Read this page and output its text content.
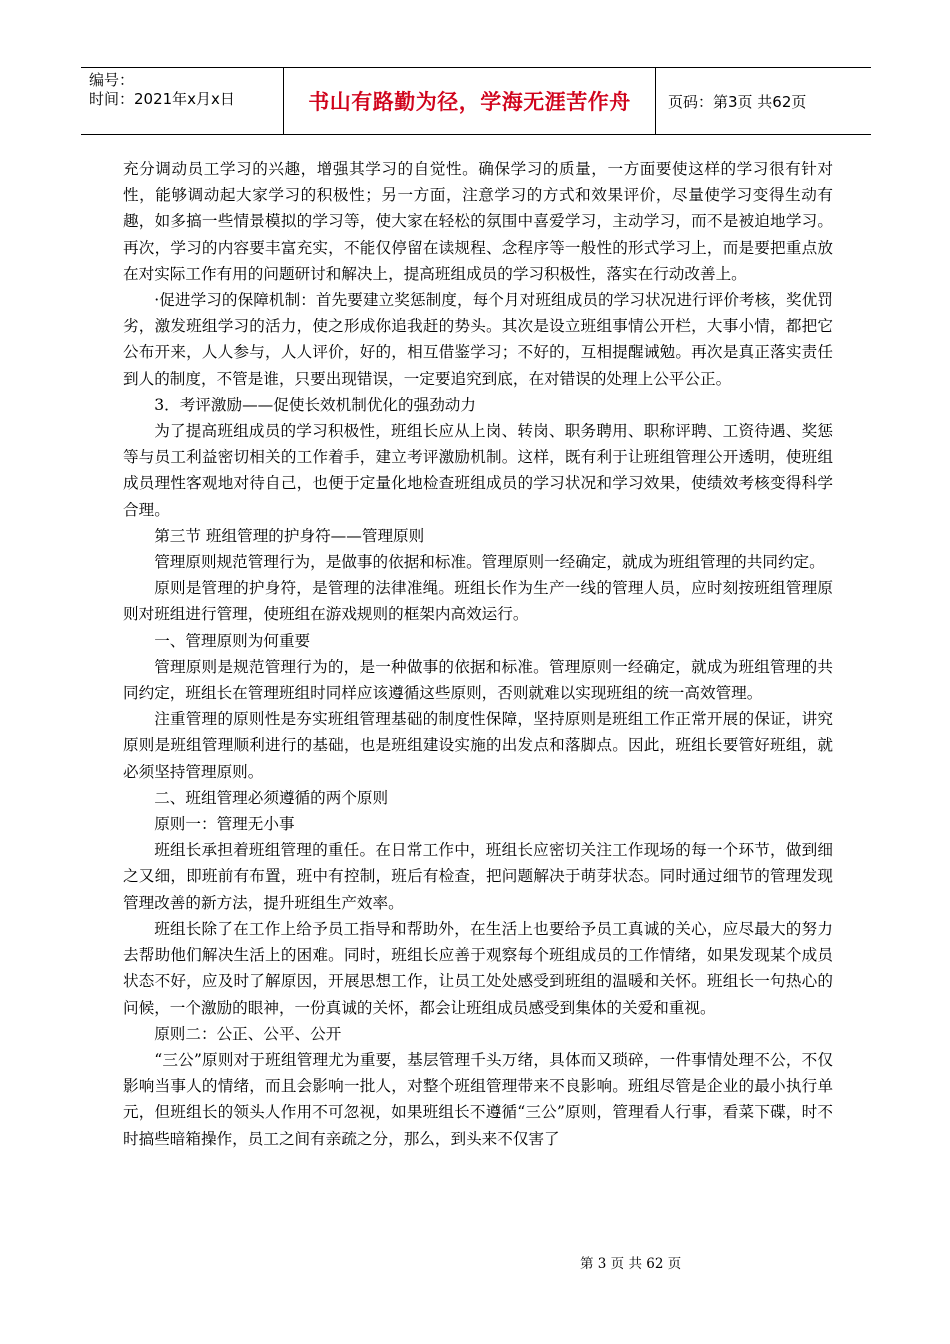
编号：
时间：2021年x月x日	书山有路勤为径，学海无涯苦作舟	页码：第3页 共62页

充分调动员工学习的兴趣，增强其学习的自觉性。确保学习的质量，一方面要使这样的学习很有针对性，能够调动起大家学习的积极性；另一方面，注意学习的方式和效果评价，尽量使学习变得生动有趣，如多搞一些情景模拟的学习等，使大家在轻松的氛围中喜爱学习，主动学习，而不是被迫地学习。再次，学习的内容要丰富充实，不能仅停留在读规程、念程序等一般性的形式学习上，而是要把重点放在对实际工作有用的问题研讨和解决上，提高班组成员的学习积极性，落实在行动改善上。

·促进学习的保障机制：首先要建立奖惩制度，每个月对班组成员的学习状况进行评价考核，奖优罚劣，激发班组学习的活力，使之形成你追我赶的势头。其次是设立班组事情公开栏，大事小情，都把它公布开来，人人参与，人人评价，好的，相互借鉴学习；不好的，互相提醒诫勉。再次是真正落实责任到人的制度，不管是谁，只要出现错误，一定要追究到底，在对错误的处理上公平公正。

3．考评激励——促使长效机制优化的强劲动力

为了提高班组成员的学习积极性，班组长应从上岗、转岗、职务聘用、职称评聘、工资待遇、奖惩等与员工利益密切相关的工作着手，建立考评激励机制。这样，既有利于让班组管理公开透明，使班组成员理性客观地对待自己，也便于定量化地检查班组成员的学习状况和学习效果，使绩效考核变得科学合理。

第三节 班组管理的护身符——管理原则

管理原则规范管理行为，是做事的依据和标准。管理原则一经确定，就成为班组管理的共同约定。

原则是管理的护身符，是管理的法律准绳。班组长作为生产一线的管理人员，应时刻按班组管理原则对班组进行管理，使班组在游戏规则的框架内高效运行。

一、管理原则为何重要

管理原则是规范管理行为的，是一种做事的依据和标准。管理原则一经确定，就成为班组管理的共同约定，班组长在管理班组时同样应该遵循这些原则，否则就难以实现班组的统一高效管理。

注重管理的原则性是夯实班组管理基础的制度性保障，坚持原则是班组工作正常开展的保证，讲究原则是班组管理顺利进行的基础，也是班组建设实施的出发点和落脚点。因此，班组长要管好班组，就必须坚持管理原则。

二、班组管理必须遵循的两个原则

原则一：管理无小事

班组长承担着班组管理的重任。在日常工作中，班组长应密切关注工作现场的每一个环节，做到细之又细，即班前有布置，班中有控制，班后有检查，把问题解决于萌芽状态。同时通过细节的管理发现管理改善的新方法，提升班组生产效率。

班组长除了在工作上给予员工指导和帮助外，在生活上也要给予员工真诚的关心，应尽最大的努力去帮助他们解决生活上的困难。同时，班组长应善于观察每个班组成员的工作情绪，如果发现某个成员状态不好，应及时了解原因，开展思想工作，让员工处处感受到班组的温暖和关怀。班组长一句热心的问候，一个激励的眼神，一份真诚的关怀，都会让班组成员感受到集体的关爱和重视。

原则二：公正、公平、公开

“三公”原则对于班组管理尤为重要，基层管理千头万绪，具体而又琐碎，一件事情处理不公，不仅影响当事人的情绪，而且会影响一批人，对整个班组管理带来不良影响。班组尽管是企业的最小执行单元，但班组长的领头人作用不可忽视，如果班组长不遵循“三公”原则，管理看人行事，看菜下碟，时不时搞些暗箱操作，员工之间有亲疏之分，那么，到头来不仅害了

第 3 页 共 62 页
